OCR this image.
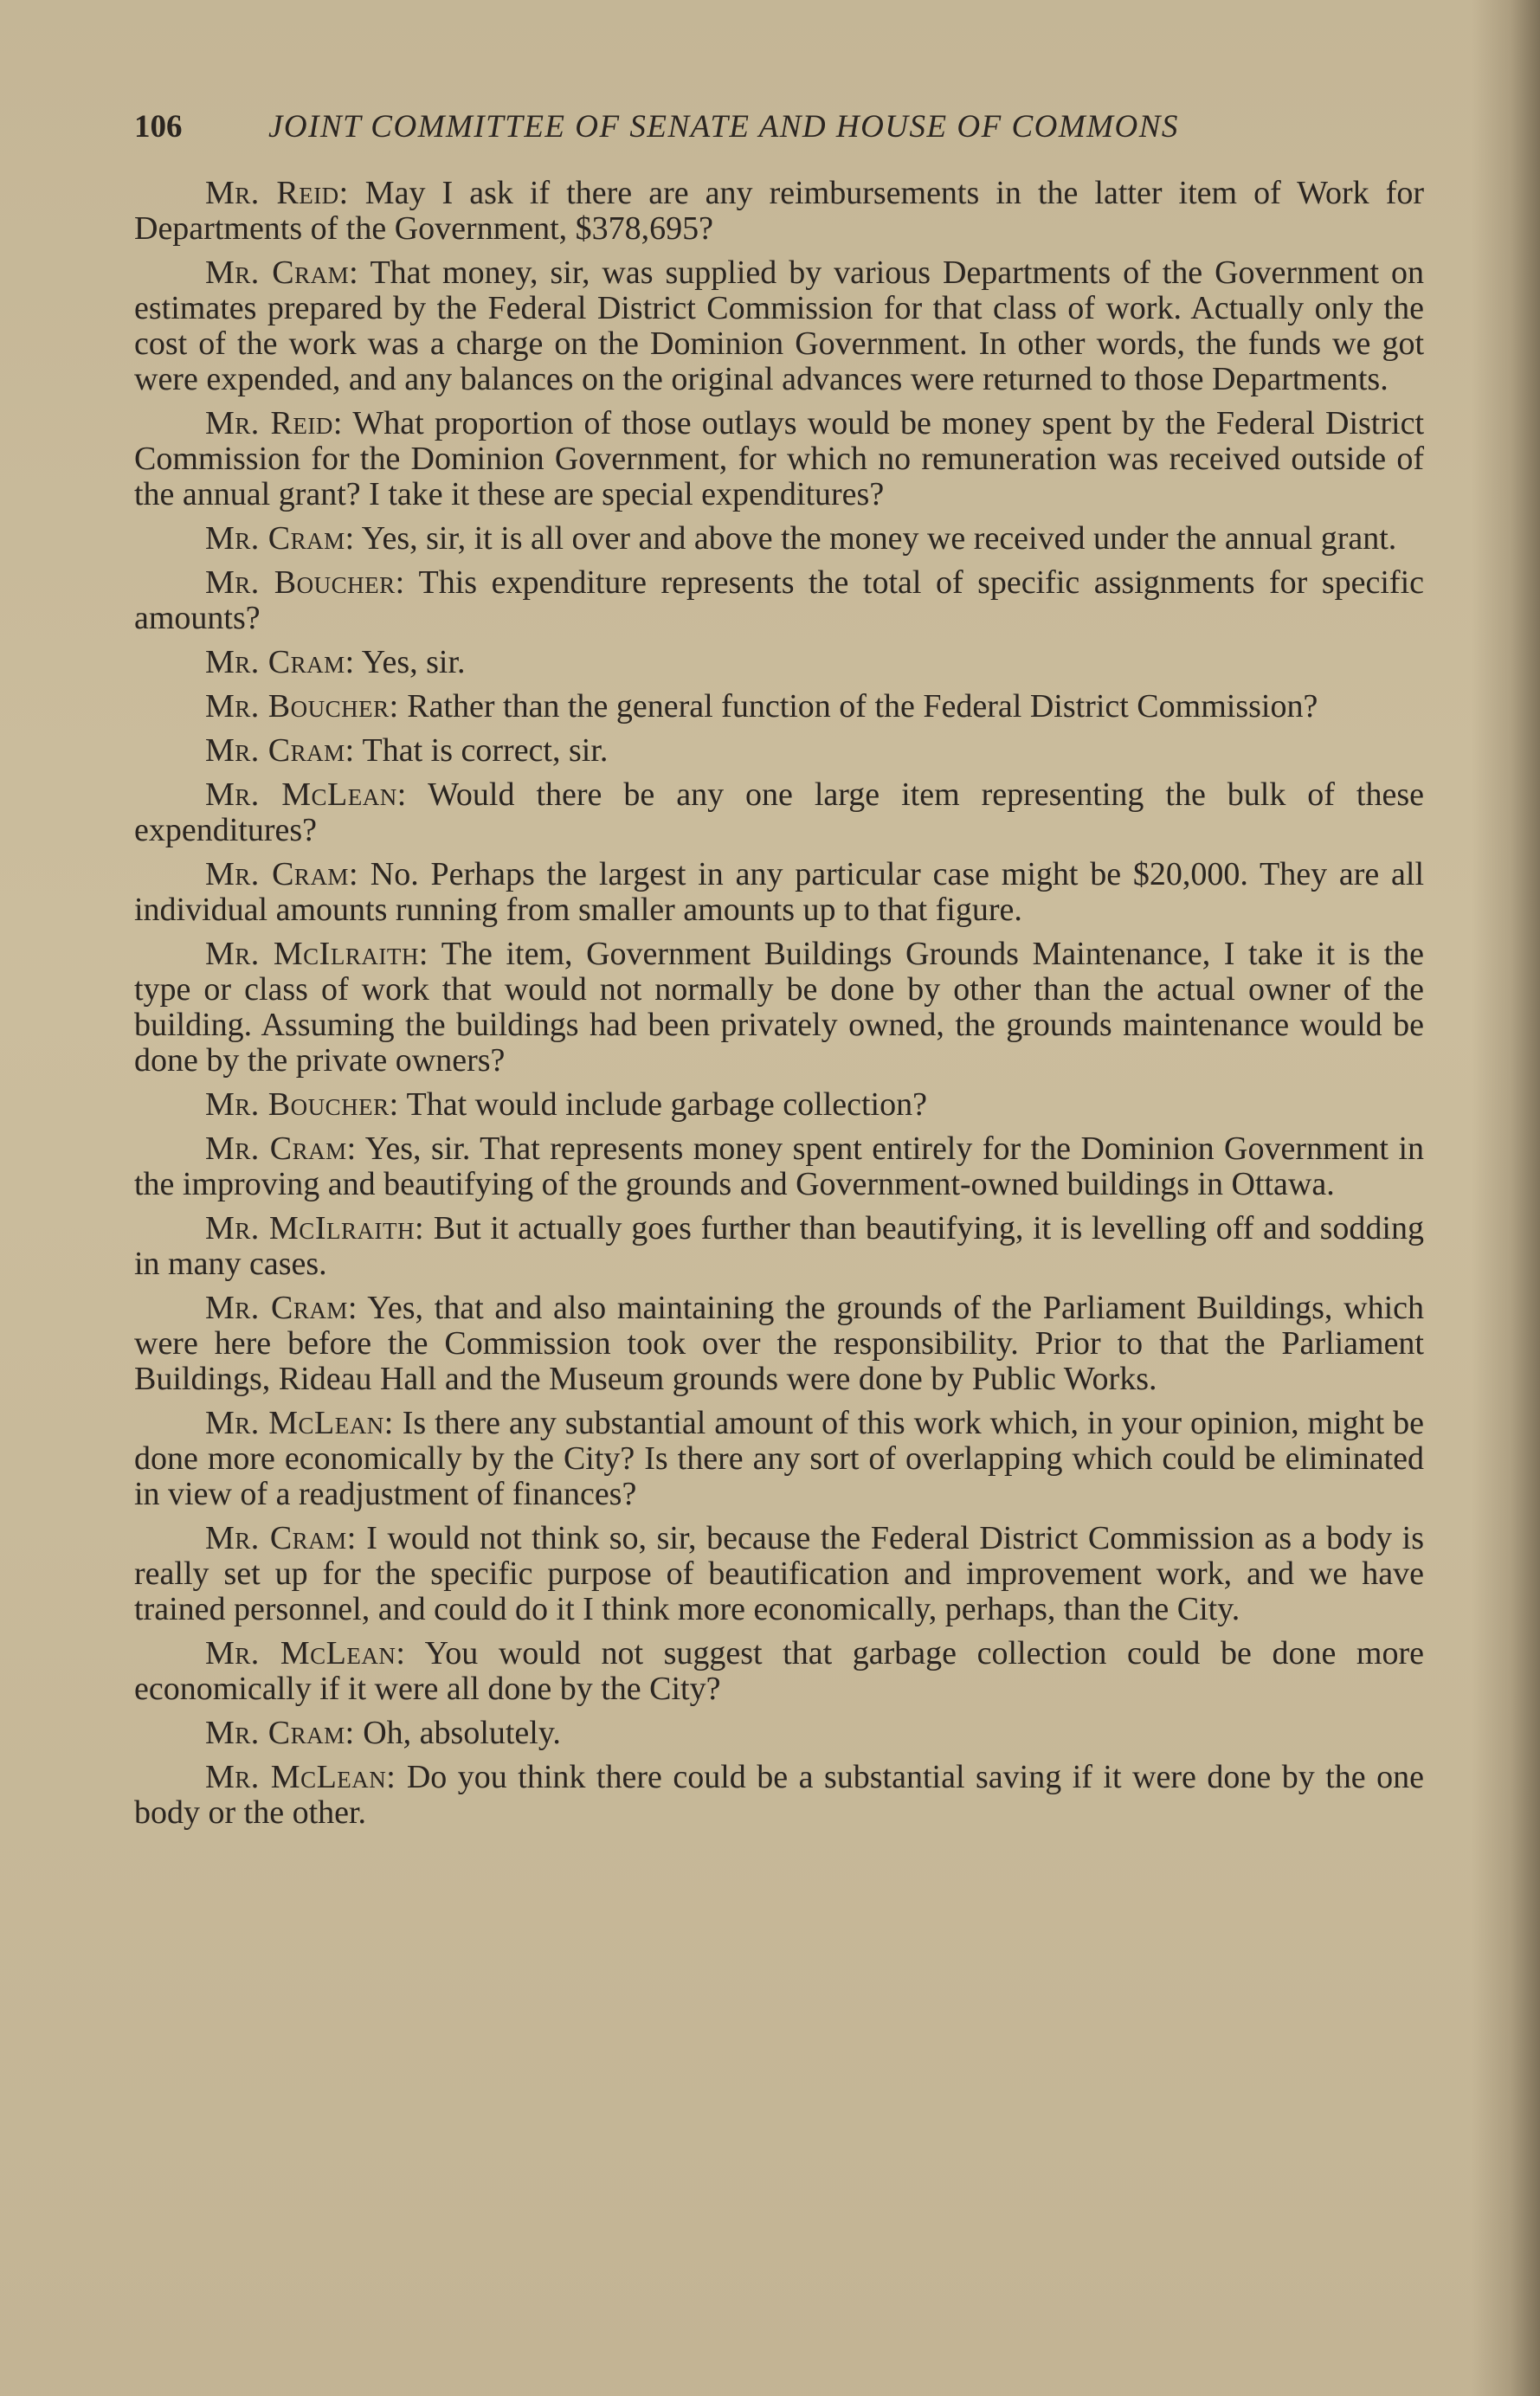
106	JOINT COMMITTEE OF SENATE AND HOUSE OF COMMONS

Mr. Reid: May I ask if there are any reimbursements in the latter item of Work for Departments of the Government, $378,695?

Mr. Cram: That money, sir, was supplied by various Departments of the Government on estimates prepared by the Federal District Commission for that class of work. Actually only the cost of the work was a charge on the Dominion Government. In other words, the funds we got were expended, and any balances on the original advances were returned to those Departments.

Mr. Reid: What proportion of those outlays would be money spent by the Federal District Commission for the Dominion Government, for which no remuneration was received outside of the annual grant? I take it these are special expenditures?

Mr. Cram: Yes, sir, it is all over and above the money we received under the annual grant.

Mr. Boucher: This expenditure represents the total of specific assignments for specific amounts?

Mr. Cram: Yes, sir.

Mr. Boucher: Rather than the general function of the Federal District Commission?

Mr. Cram: That is correct, sir.

Mr. McLean: Would there be any one large item representing the bulk of these expenditures?

Mr. Cram: No. Perhaps the largest in any particular case might be $20,000. They are all individual amounts running from smaller amounts up to that figure.

Mr. McIlraith: The item, Government Buildings Grounds Maintenance, I take it is the type or class of work that would not normally be done by other than the actual owner of the building. Assuming the buildings had been privately owned, the grounds maintenance would be done by the private owners?

Mr. Boucher: That would include garbage collection?

Mr. Cram: Yes, sir. That represents money spent entirely for the Dominion Government in the improving and beautifying of the grounds and Government-owned buildings in Ottawa.

Mr. McIlraith: But it actually goes further than beautifying, it is levelling off and sodding in many cases.

Mr. Cram: Yes, that and also maintaining the grounds of the Parliament Buildings, which were here before the Commission took over the responsibility. Prior to that the Parliament Buildings, Rideau Hall and the Museum grounds were done by Public Works.

Mr. McLean: Is there any substantial amount of this work which, in your opinion, might be done more economically by the City? Is there any sort of overlapping which could be eliminated in view of a readjustment of finances?

Mr. Cram: I would not think so, sir, because the Federal District Commission as a body is really set up for the specific purpose of beautification and improvement work, and we have trained personnel, and could do it I think more economically, perhaps, than the City.

Mr. McLean: You would not suggest that garbage collection could be done more economically if it were all done by the City?

Mr. Cram: Oh, absolutely.

Mr. McLean: Do you think there could be a substantial saving if it were done by the one body or the other.
